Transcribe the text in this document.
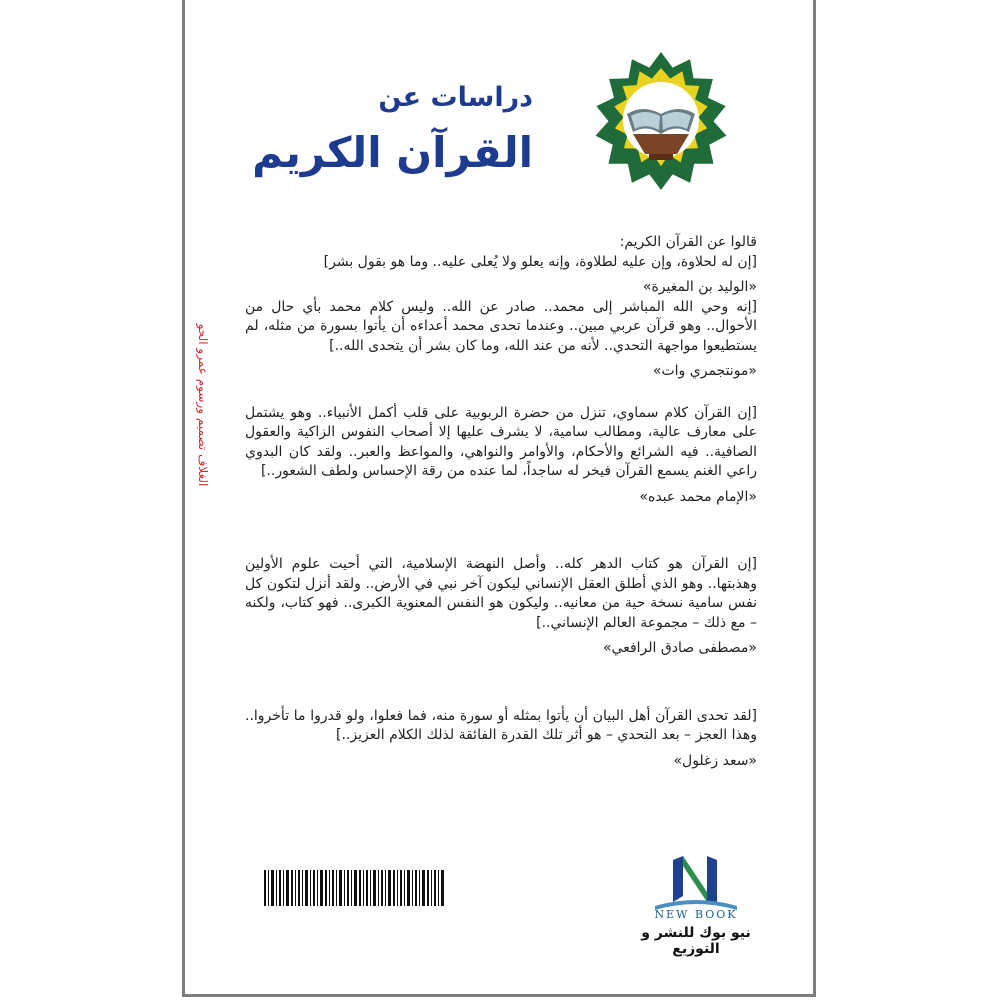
دراسات عن
القرآن الكريم

قالوا عن القرآن الكريم:

[إن له لحلاوة، وإن عليه لطلاوة، وإنه يعلو ولا يُعلى عليه.. وما هو بقول بشر]

«الوليد بن المغيرة»

[إنه وحي الله المباشر إلى محمد.. صادر عن الله.. وليس كلام محمد بأي حال من الأحوال.. وهو قرآن عربي مبين.. وعندما تحدى محمد أعداءه أن يأتوا بسورة من مثله، لم يستطيعوا مواجهة التحدي.. لأنه من عند الله، وما كان بشر أن يتحدى الله..]

«مونتجمري وات»

[إن القرآن كلام سماوي، تنزل من حضرة الربوبية على قلب أكمل الأنبياء.. وهو يشتمل على معارف عالية، ومطالب سامية، لا يشرف عليها إلا أصحاب النفوس الزاكية والعقول الصافية.. فيه الشرائع والأحكام، والأوامر والنواهي، والمواعظ والعبر.. ولقد كان البدوي راعي الغنم يسمع القرآن فيخر له ساجداً، لما عنده من رقة الإحساس ولطف الشعور..]

«الإمام محمد عبده»

[إن القرآن هو كتاب الدهر كله.. وأصل النهضة الإسلامية، التي أحيت علوم الأولين وهذبتها.. وهو الذي أطلق العقل الإنساني ليكون آخر نبي في الأرض.. ولقد أنزل لتكون كل نفس سامية نسخة حية من معانيه.. وليكون هو النفس المعنوية الكبرى.. فهو كتاب، ولكنه – مع ذلك – مجموعة العالم الإنساني..]

«مصطفى صادق الرافعي»

[لقد تحدى القرآن أهل البيان أن يأتوا بمثله أو سورة منه، فما فعلوا، ولو قدروا ما تأخروا.. وهذا العجز – بعد التحدي – هو أثر تلك القدرة الفائقة لذلك الكلام العزيز..]

«سعد زغلول»

NEW BOOK
نيو بوك للنشر و التوزيع
الغلاف تصميم ورسوم عمرو الحو
